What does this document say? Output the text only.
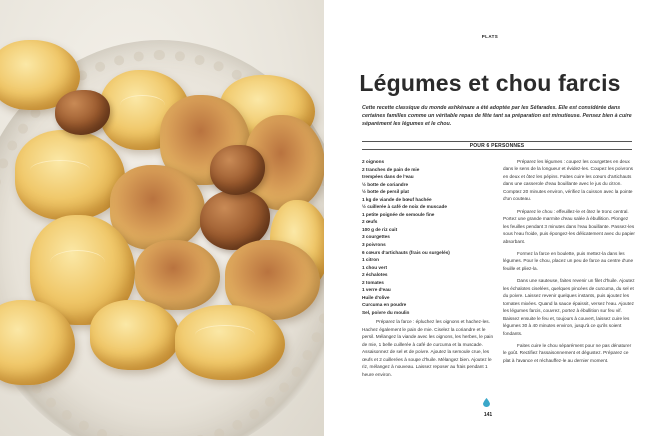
PLATS
Légumes et chou farcis

Cette recette classique du monde ashkénaze a été adoptée par les Séfarades. Elle est considérée dans certaines familles comme un véritable repas de fête tant sa préparation est minutieuse. Pensez bien à cuire séparément les légumes et le chou.

POUR 6 PERSONNES
2 oignons
2 tranches de pain de mie
trempées dans de l'eau
½ botte de coriandre
½ botte de persil plat
1 kg de viande de bœuf hachée
½ cuillerée à café de noix de muscade
1 petite poignée de semoule fine
2 œufs
100 g de riz cuit
3 courgettes
3 poivrons
6 cœurs d'artichauts (frais ou surgelés)
1 citron
1 chou vert
2 échalotes
2 tomates
1 verre d'eau
Huile d'olive
Curcuma en poudre
Sel, poivre du moulin

Préparez la farce : épluchez les oignons et hachez-les. Hachez également le pain de mie. Ciselez la coriandre et le persil. Mélangez la viande avec les oignons, les herbes, le pain de mie, 1 belle cuillerée à café de curcuma et la muscade. Assaisonnez de sel et de poivre. Ajoutez la semoule crue, les œufs et 2 cuillerées à soupe d'huile. Mélangez bien. Ajoutez le riz, mélangez à nouveau. Laissez reposer au frais pendant 1 heure environ.

Préparez les légumes : coupez les courgettes en deux dans le sens de la longueur et évidez-les. Coupez les poivrons en deux et ôtez les pépins. Faites cuire les cœurs d'artichauts dans une casserole d'eau bouillante avec le jus du citron. Comptez 20 minutes environ, vérifiez la cuisson avec la pointe d'un couteau.

Préparez le chou : effeuillez-le et ôtez le tronc central. Portez une grande marmite d'eau salée à ébullition. Plongez les feuilles pendant 3 minutes dans l'eau bouillante. Passez-les sous l'eau froide, puis épongez-les délicatement avec du papier absorbant.

Formez la farce en boulette, puis mettez-la dans les légumes. Pour le chou, placez un peu de farce au centre d'une feuille et pliez-la.

Dans une sauteuse, faites revenir un filet d'huile. Ajoutez les échalotes ciselées, quelques pincées de curcuma, du sel et du poivre. Laissez revenir quelques instants, puis ajoutez les tomates mixées. Quand la sauce épaissit, versez l'eau. Ajoutez les légumes farcis, couvrez, portez à ébullition sur feu vif. Baissez ensuite le feu et, toujours à couvert, laissez cuire les légumes 30 à 40 minutes environ, jusqu'à ce qu'ils soient fondants.

Faites cuire le chou séparément pour ne pas dénaturer le goût. Rectifiez l'assaisonnement et dégustez. Préparez ce plat à l'avance et réchauffez-le au dernier moment.

141
